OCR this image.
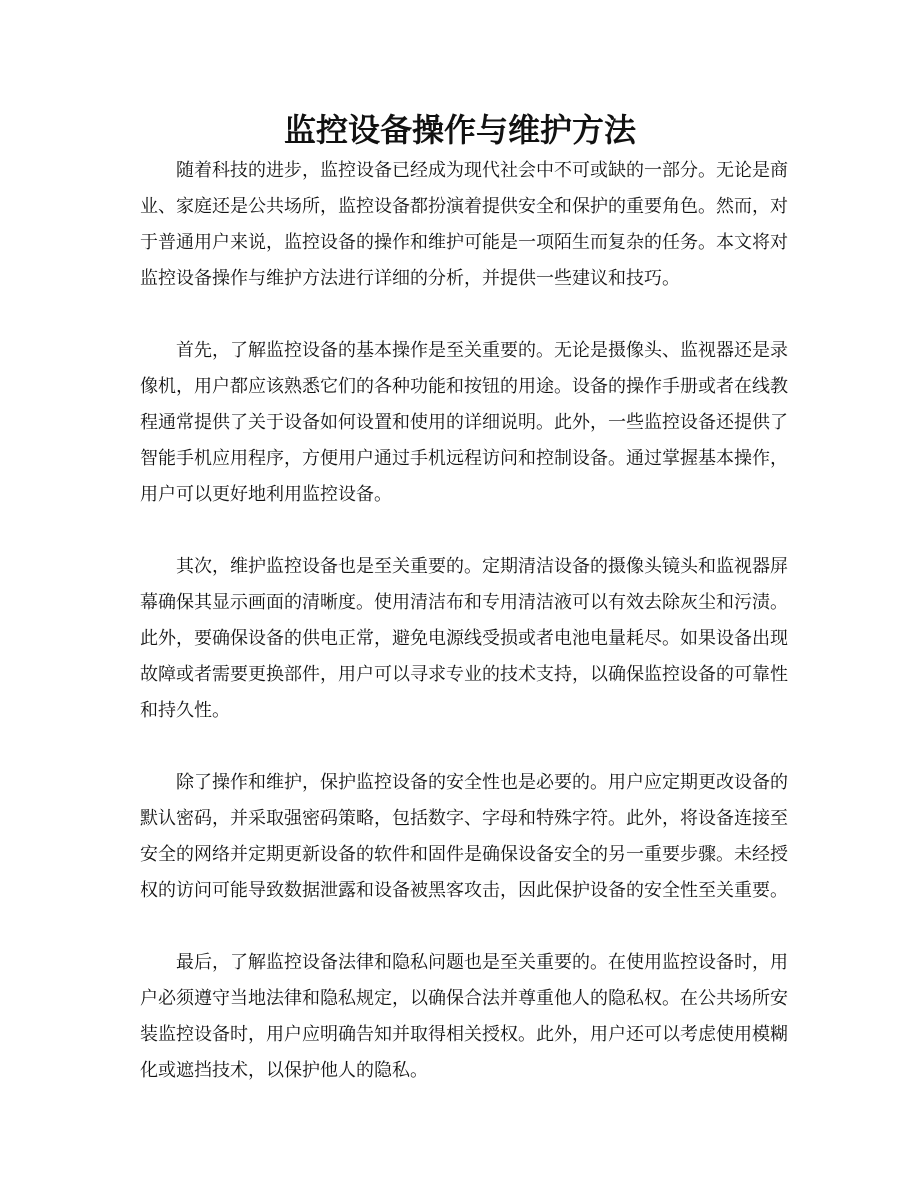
监控设备操作与维护方法
随着科技的进步，监控设备已经成为现代社会中不可或缺的一部分。无论是商
业、家庭还是公共场所，监控设备都扮演着提供安全和保护的重要角色。然而，对
于普通用户来说，监控设备的操作和维护可能是一项陌生而复杂的任务。本文将对
监控设备操作与维护方法进行详细的分析，并提供一些建议和技巧。
首先，了解监控设备的基本操作是至关重要的。无论是摄像头、监视器还是录
像机，用户都应该熟悉它们的各种功能和按钮的用途。设备的操作手册或者在线教
程通常提供了关于设备如何设置和使用的详细说明。此外，一些监控设备还提供了
智能手机应用程序，方便用户通过手机远程访问和控制设备。通过掌握基本操作，
用户可以更好地利用监控设备。
其次，维护监控设备也是至关重要的。定期清洁设备的摄像头镜头和监视器屏
幕确保其显示画面的清晰度。使用清洁布和专用清洁液可以有效去除灰尘和污渍。
此外，要确保设备的供电正常，避免电源线受损或者电池电量耗尽。如果设备出现
故障或者需要更换部件，用户可以寻求专业的技术支持，以确保监控设备的可靠性
和持久性。
除了操作和维护，保护监控设备的安全性也是必要的。用户应定期更改设备的
默认密码，并采取强密码策略，包括数字、字母和特殊字符。此外，将设备连接至
安全的网络并定期更新设备的软件和固件是确保设备安全的另一重要步骤。未经授
权的访问可能导致数据泄露和设备被黑客攻击，因此保护设备的安全性至关重要。
最后，了解监控设备法律和隐私问题也是至关重要的。在使用监控设备时，用
户必须遵守当地法律和隐私规定，以确保合法并尊重他人的隐私权。在公共场所安
装监控设备时，用户应明确告知并取得相关授权。此外，用户还可以考虑使用模糊
化或遮挡技术，以保护他人的隐私。
